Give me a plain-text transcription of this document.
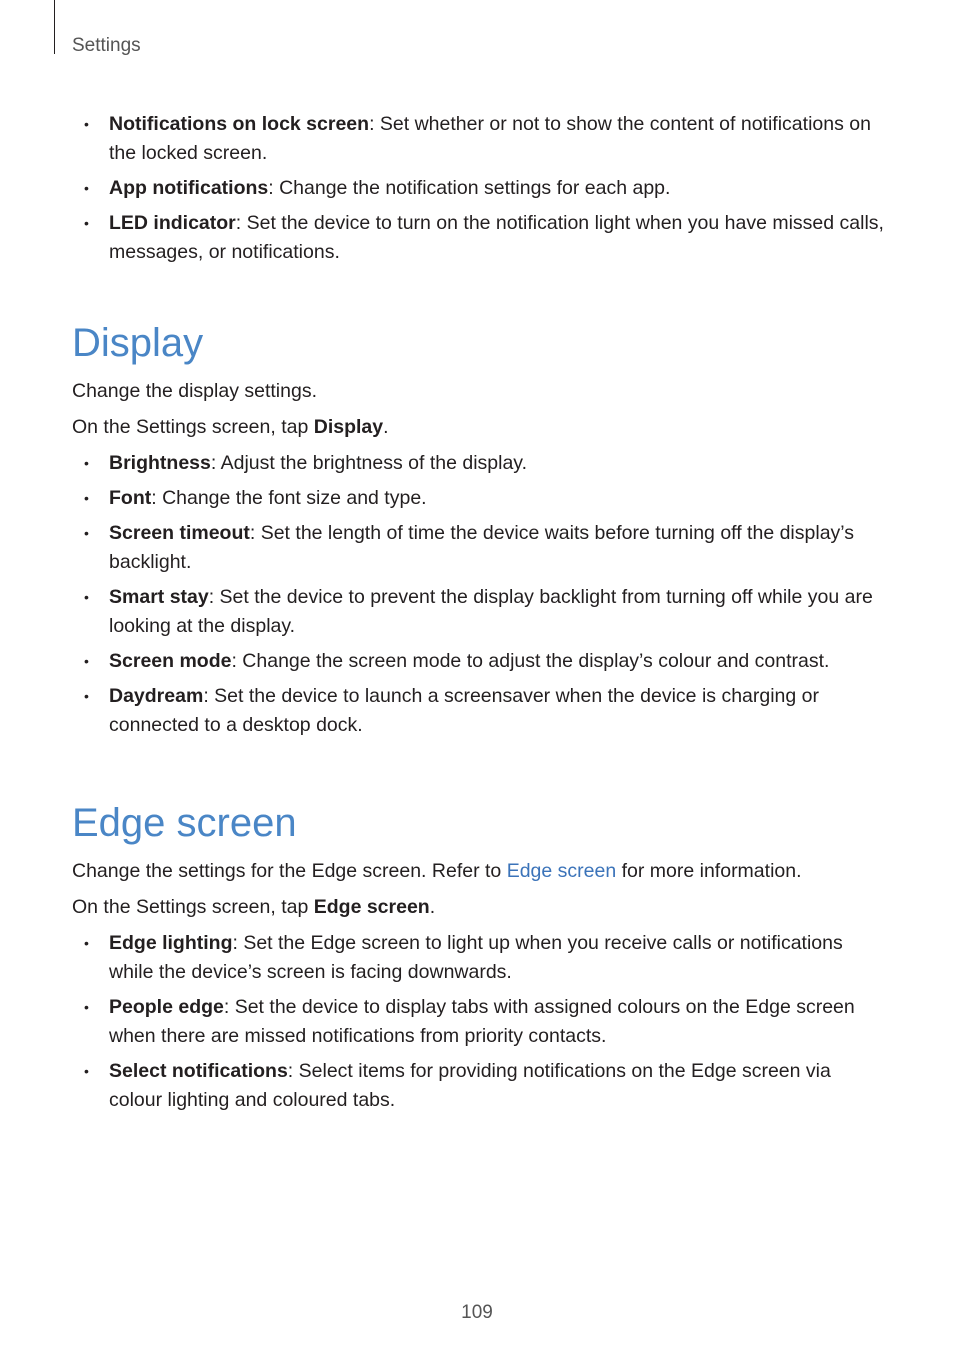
Settings
• Notifications on lock screen: Set whether or not to show the content of notifications on the locked screen.
• App notifications: Change the notification settings for each app.
• LED indicator: Set the device to turn on the notification light when you have missed calls, messages, or notifications.
Display

Change the display settings.

On the Settings screen, tap Display.

• Brightness: Adjust the brightness of the display.
• Font: Change the font size and type.
• Screen timeout: Set the length of time the device waits before turning off the display’s backlight.
• Smart stay: Set the device to prevent the display backlight from turning off while you are looking at the display.
• Screen mode: Change the screen mode to adjust the display’s colour and contrast.
• Daydream: Set the device to launch a screensaver when the device is charging or connected to a desktop dock.
Edge screen

Change the settings for the Edge screen. Refer to Edge screen for more information.

On the Settings screen, tap Edge screen.

• Edge lighting: Set the Edge screen to light up when you receive calls or notifications while the device’s screen is facing downwards.
• People edge: Set the device to display tabs with assigned colours on the Edge screen when there are missed notifications from priority contacts.
• Select notifications: Select items for providing notifications on the Edge screen via colour lighting and coloured tabs.
109
